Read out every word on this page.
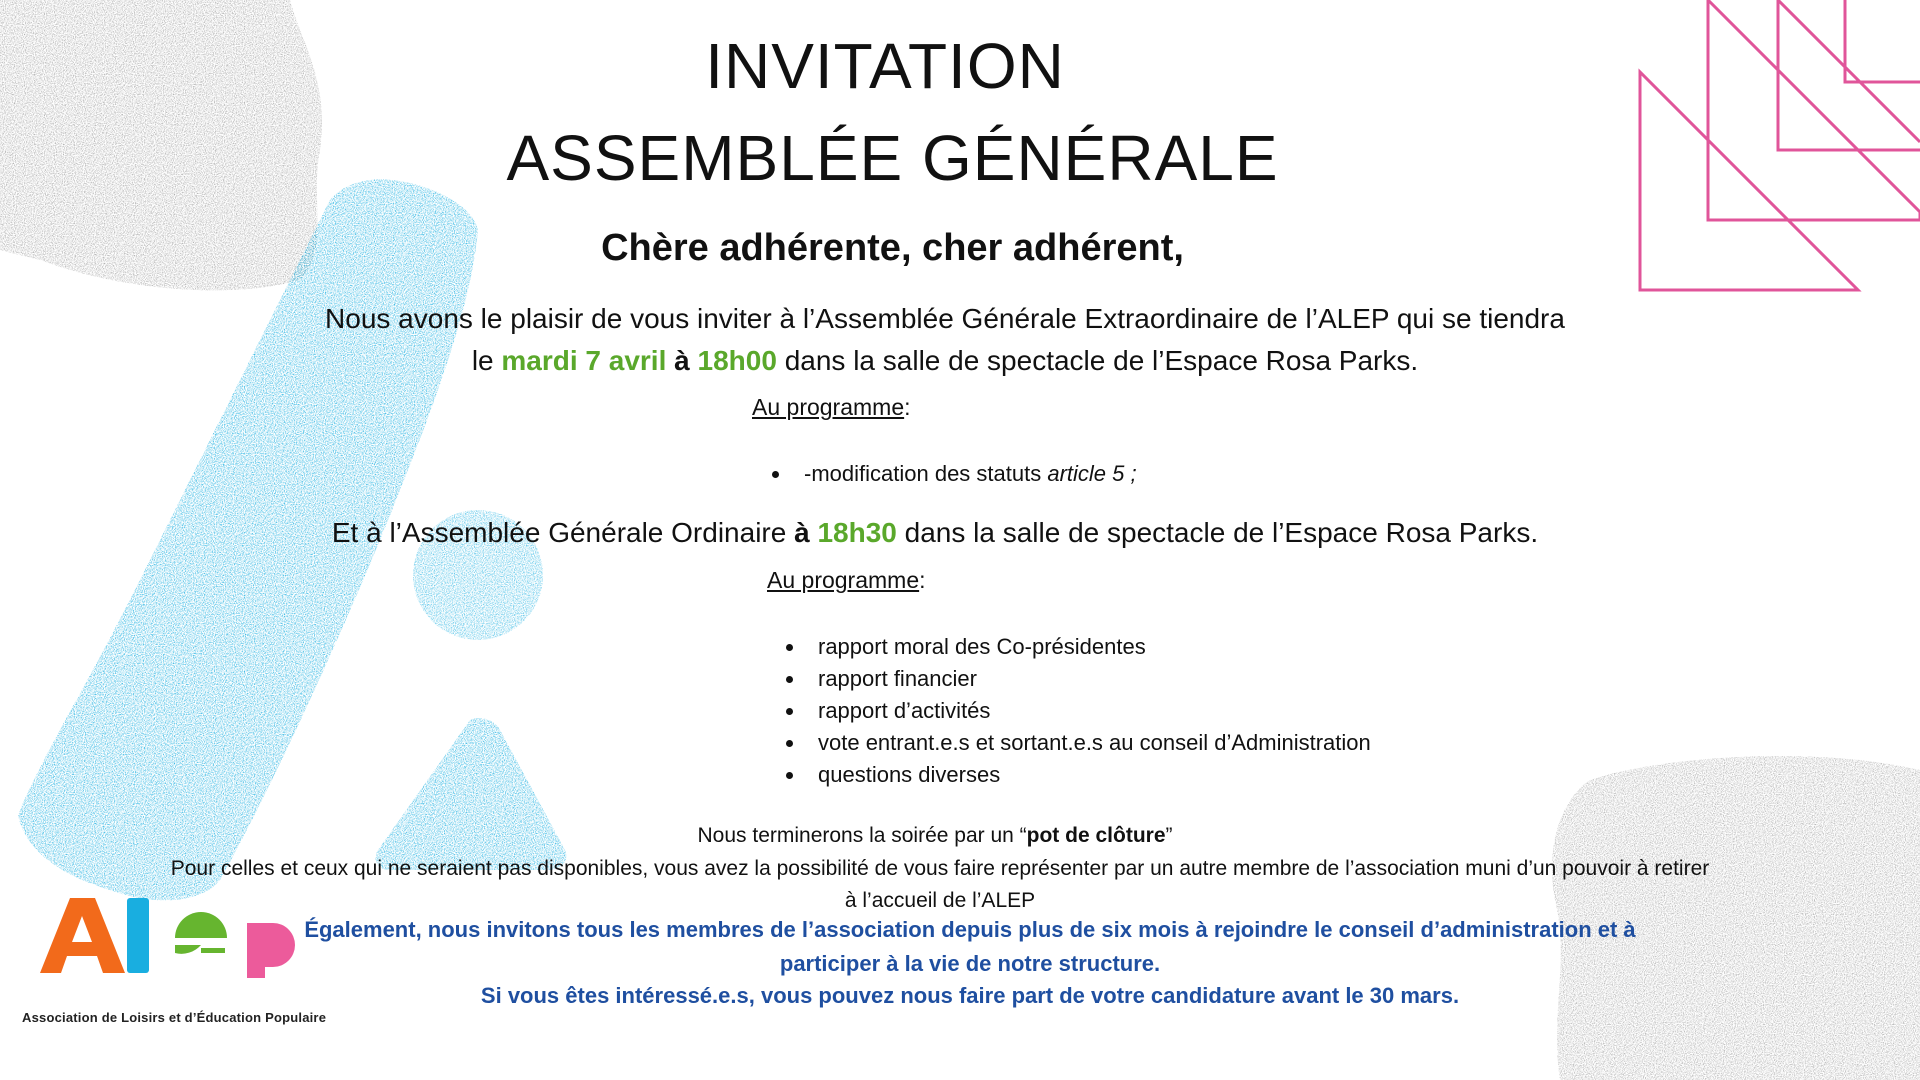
INVITATION
ASSEMBLÉE GÉNÉRALE
Chère adhérente, cher adhérent,
Nous avons le plaisir de vous inviter à l’Assemblée Générale Extraordinaire de l’ALEP qui se tiendra
le mardi 7 avril à 18h00 dans la salle de spectacle de l’Espace Rosa Parks.
Au programme:
• -modification des statuts article 5 ;
Et à l’Assemblée Générale Ordinaire à 18h30 dans la salle de spectacle de l’Espace Rosa Parks.
Au programme:
• rapport moral des Co-présidentes
• rapport financier
• rapport d’activités
• vote entrant.e.s et sortant.e.s au conseil d’Administration
• questions diverses
Nous terminerons la soirée par un “pot de clôture”
Pour celles et ceux qui ne seraient pas disponibles, vous avez la possibilité de vous faire représenter par un autre membre de l’association muni d’un pouvoir à retirer
à l’accueil de l’ALEP
Également, nous invitons tous les membres de l’association depuis plus de six mois à rejoindre le conseil d’administration et à
participer à la vie de notre structure.
Si vous êtes intéressé.e.s, vous pouvez nous faire part de votre candidature avant le 30 mars.
Association de Loisirs et d’Éducation Populaire
